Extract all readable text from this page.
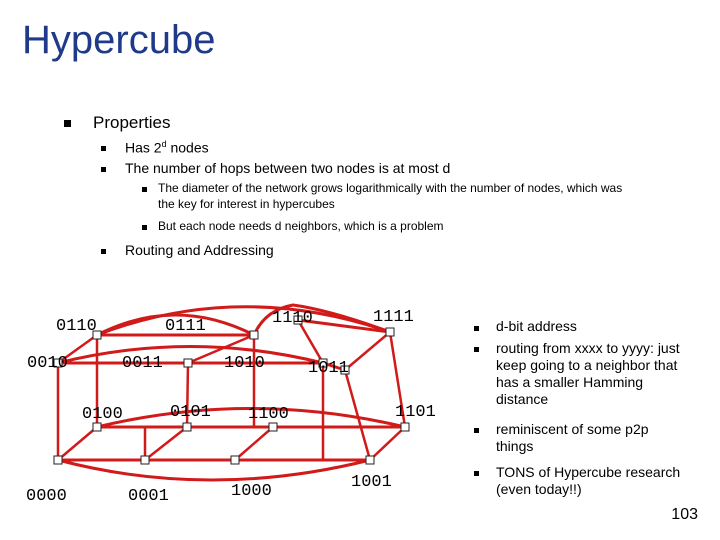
Hypercube
Properties
Has 2$^d$ nodes
The number of hops between two nodes is at most d
The diameter of the network grows logarithmically with the number of nodes, which was
the key for interest in hypercubes
But each node needs d neighbors, which is a problem
Routing and Addressing
0110	0111	1110	1111
0010	0011	1010	1011
0100	0101 1100	1101
0000	0001	1000	1001
d-bit address
routing from xxxx to yyyy: just keep going to a neighbor that has a smaller Hamming distance
reminiscent of some p2p things
TONS of Hypercube research (even today!!)
103
